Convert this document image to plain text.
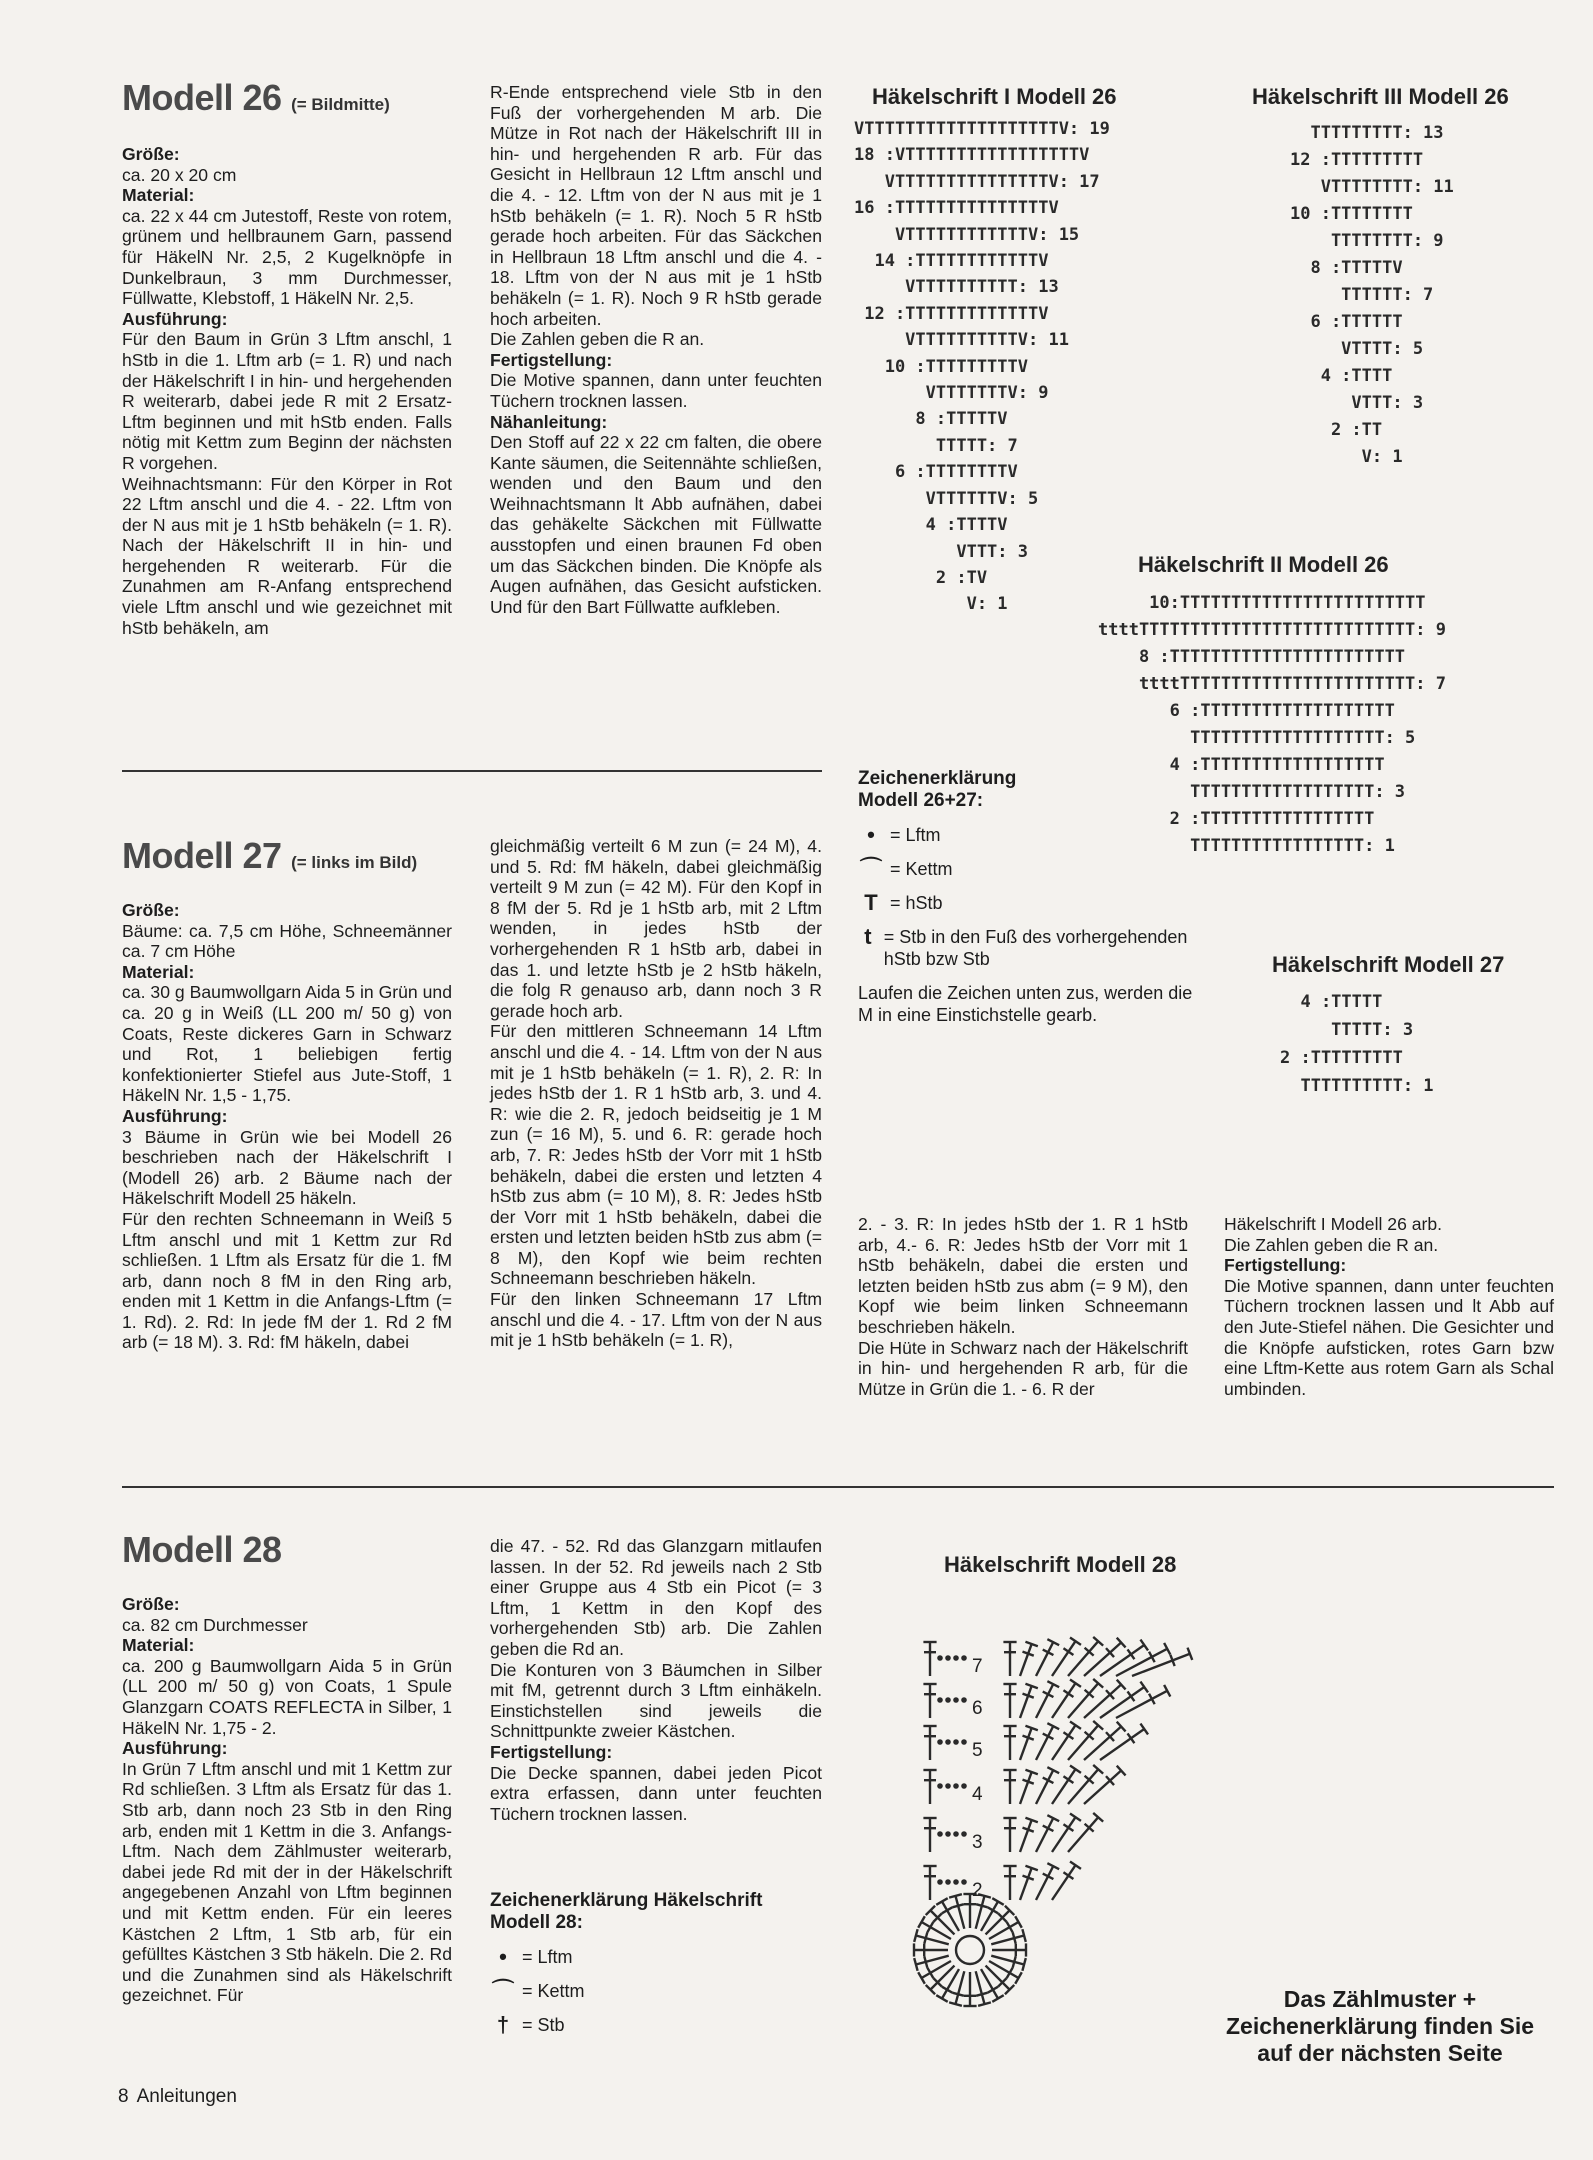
Modell 26 (= Bildmitte)

Größe:

ca. 20 x 20 cm

Material:

ca. 22 x 44 cm Jutestoff, Reste von rotem, grünem und hellbraunem Garn, passend für HäkelN Nr. 2,5, 2 Kugelknöpfe in Dunkelbraun, 3 mm Durchmesser, Füllwatte, Klebstoff, 1 HäkelN Nr. 2,5.

Ausführung:

Für den Baum in Grün 3 Lftm anschl, 1 hStb in die 1. Lftm arb (= 1. R) und nach der Häkelschrift I in hin- und hergehenden R weiterarb, dabei jede R mit 2 Ersatz-Lftm beginnen und mit hStb enden. Falls nötig mit Kettm zum Beginn der nächsten R vorgehen.

Weihnachtsmann: Für den Körper in Rot 22 Lftm anschl und die 4. - 22. Lftm von der N aus mit je 1 hStb behäkeln (= 1. R). Nach der Häkelschrift II in hin- und hergehenden R weiterarb. Für die Zunahmen am R-Anfang entsprechend viele Lftm anschl und wie gezeichnet mit hStb behäkeln, am

R-Ende entsprechend viele Stb in den Fuß der vorhergehenden M arb. Die Mütze in Rot nach der Häkelschrift III in hin- und hergehenden R arb. Für das Gesicht in Hellbraun 12 Lftm anschl und die 4. - 12. Lftm von der N aus mit je 1 hStb behäkeln (= 1. R). Noch 5 R hStb gerade hoch arbeiten. Für das Säckchen in Hellbraun 18 Lftm anschl und die 4. - 18. Lftm von der N aus mit je 1 hStb behäkeln (= 1. R). Noch 9 R hStb gerade hoch arbeiten.

Die Zahlen geben die R an.

Fertigstellung:

Die Motive spannen, dann unter feuchten Tüchern trocknen lassen.

Nähanleitung:

Den Stoff auf 22 x 22 cm falten, die obere Kante säumen, die Seitennähte schließen, wenden und den Baum und den Weihnachtsmann lt Abb aufnähen, dabei das gehäkelte Säckchen mit Füllwatte ausstopfen und einen braunen Fd oben um das Säckchen binden. Die Knöpfe als Augen aufnähen, das Gesicht aufsticken. Und für den Bart Füllwatte aufkleben.

Häkelschrift I Modell 26
VTTTTTTTTTTTTTTTTTTTV: 19
18 :VTTTTTTTTTTTTTTTTTV
VTTTTTTTTTTTTTTTV: 17
16 :TTTTTTTTTTTTTTTV
VTTTTTTTTTTTTV: 15
14 :TTTTTTTTTTTTV
VTTTTTTTTTT: 13
12 :TTTTTTTTTTTTTV
VTTTTTTTTTTV: 11
10 :TTTTTTTTTV
VTTTTTTTV: 9
8 :TTTTTV
TTTTT: 7
6 :TTTTTTTTV
VTTTTTTV: 5
4 :TTTTV
VTTT: 3
2 :TV
V: 1
Häkelschrift III Modell 26
TTTTTTTTT: 13
12 :TTTTTTTTT
VTTTTTTTT: 11
10 :TTTTTTTT
TTTTTTTT: 9
8 :TTTTTV
TTTTTT: 7
6 :TTTTTT
VTTTT: 5
4 :TTTT
VTTT: 3
2 :TT
V: 1
Häkelschrift II Modell 26
10:TTTTTTTTTTTTTTTTTTTTTTTT
ttttTTTTTTTTTTTTTTTTTTTTTTTTTTT: 9
8 :TTTTTTTTTTTTTTTTTTTTTTT
ttttTTTTTTTTTTTTTTTTTTTTTTT: 7
6 :TTTTTTTTTTTTTTTTTTT
TTTTTTTTTTTTTTTTTTT: 5
4 :TTTTTTTTTTTTTTTTTT
TTTTTTTTTTTTTTTTTT: 3
2 :TTTTTTTTTTTTTTTTT
TTTTTTTTTTTTTTTTT: 1
Zeichenerklärung
Modell 26+27:
• = Lftm
⌒ = Kettm
T = hStb
t = Stb in den Fuß des vorhergehenden hStb bzw Stb
Laufen die Zeichen unten zus, werden die M in eine Einstichstelle gearb.
Modell 27 (= links im Bild)

Größe:

Bäume: ca. 7,5 cm Höhe, Schneemänner ca. 7 cm Höhe

Material:

ca. 30 g Baumwollgarn Aida 5 in Grün und ca. 20 g in Weiß (LL 200 m/ 50 g) von Coats, Reste dickeres Garn in Schwarz und Rot, 1 beliebigen fertig konfektionierter Stiefel aus Jute-Stoff, 1 HäkelN Nr. 1,5 - 1,75.

Ausführung:

3 Bäume in Grün wie bei Modell 26 beschrieben nach der Häkelschrift I (Modell 26) arb. 2 Bäume nach der Häkelschrift Modell 25 häkeln.

Für den rechten Schneemann in Weiß 5 Lftm anschl und mit 1 Kettm zur Rd schließen. 1 Lftm als Ersatz für die 1. fM arb, dann noch 8 fM in den Ring arb, enden mit 1 Kettm in die Anfangs-Lftm (= 1. Rd). 2. Rd: In jede fM der 1. Rd 2 fM arb (= 18 M). 3. Rd: fM häkeln, dabei

gleichmäßig verteilt 6 M zun (= 24 M), 4. und 5. Rd: fM häkeln, dabei gleichmäßig verteilt 9 M zun (= 42 M). Für den Kopf in 8 fM der 5. Rd je 1 hStb arb, mit 2 Lftm wenden, in jedes hStb der vorhergehenden R 1 hStb arb, dabei in das 1. und letzte hStb je 2 hStb häkeln, die folg R genauso arb, dann noch 3 R gerade hoch arb.

Für den mittleren Schneemann 14 Lftm anschl und die 4. - 14. Lftm von der N aus mit je 1 hStb behäkeln (= 1. R), 2. R: In jedes hStb der 1. R 1 hStb arb, 3. und 4. R: wie die 2. R, jedoch beidseitig je 1 M zun (= 16 M), 5. und 6. R: gerade hoch arb, 7. R: Jedes hStb der Vorr mit 1 hStb behäkeln, dabei die ersten und letzten 4 hStb zus abm (= 10 M), 8. R: Jedes hStb der Vorr mit 1 hStb behäkeln, dabei die ersten und letzten beiden hStb zus abm (= 8 M), den Kopf wie beim rechten Schneemann beschrieben häkeln.

Für den linken Schneemann 17 Lftm anschl und die 4. - 17. Lftm von der N aus mit je 1 hStb behäkeln (= 1. R),

2. - 3. R: In jedes hStb der 1. R 1 hStb arb, 4.- 6. R: Jedes hStb der Vorr mit 1 hStb behäkeln, dabei die ersten und letzten beiden hStb zus abm (= 9 M), den Kopf wie beim linken Schneemann beschrieben häkeln.

Die Hüte in Schwarz nach der Häkelschrift in hin- und hergehenden R arb, für die Mütze in Grün die 1. - 6. R der

Häkelschrift I Modell 26 arb.

Die Zahlen geben die R an.

Fertigstellung:

Die Motive spannen, dann unter feuchten Tüchern trocknen lassen und lt Abb auf den Jute-Stiefel nähen. Die Gesichter und die Knöpfe aufsticken, rotes Garn bzw eine Lftm-Kette aus rotem Garn als Schal umbinden.

Häkelschrift Modell 27
4 :TTTTT
TTTTT: 3
2 :TTTTTTTTT
TTTTTTTTTT: 1
Modell 28

Größe:

ca. 82 cm Durchmesser

Material:

ca. 200 g Baumwollgarn Aida 5 in Grün (LL 200 m/ 50 g) von Coats, 1 Spule Glanzgarn COATS REFLECTA in Silber, 1 HäkelN Nr. 1,75 - 2.

Ausführung:

In Grün 7 Lftm anschl und mit 1 Kettm zur Rd schließen. 3 Lftm als Ersatz für das 1. Stb arb, dann noch 23 Stb in den Ring arb, enden mit 1 Kettm in die 3. Anfangs-Lftm. Nach dem Zählmuster weiterarb, dabei jede Rd mit der in der Häkelschrift angegebenen Anzahl von Lftm beginnen und mit Kettm enden. Für ein leeres Kästchen 2 Lftm, 1 Stb arb, für ein gefülltes Kästchen 3 Stb häkeln. Die 2. Rd und die Zunahmen sind als Häkelschrift gezeichnet. Für

die 47. - 52. Rd das Glanzgarn mitlaufen lassen. In der 52. Rd jeweils nach 2 Stb einer Gruppe aus 4 Stb ein Picot (= 3 Lftm, 1 Kettm in den Kopf des vorhergehenden Stb) arb. Die Zahlen geben die Rd an.

Die Konturen von 3 Bäumchen in Silber mit fM, getrennt durch 3 Lftm einhäkeln. Einstichstellen sind jeweils die Schnittpunkte zweier Kästchen.

Fertigstellung:

Die Decke spannen, dabei jeden Picot extra erfassen, dann unter feuchten Tüchern trocknen lassen.

Zeichenerklärung Häkelschrift
Modell 28:
• = Lftm
⌒ = Kettm
† = Stb
Häkelschrift Modell 28
2
3
4
5
6
7
Das Zählmuster +
Zeichenerklärung finden Sie
auf der nächsten Seite
8 Anleitungen
